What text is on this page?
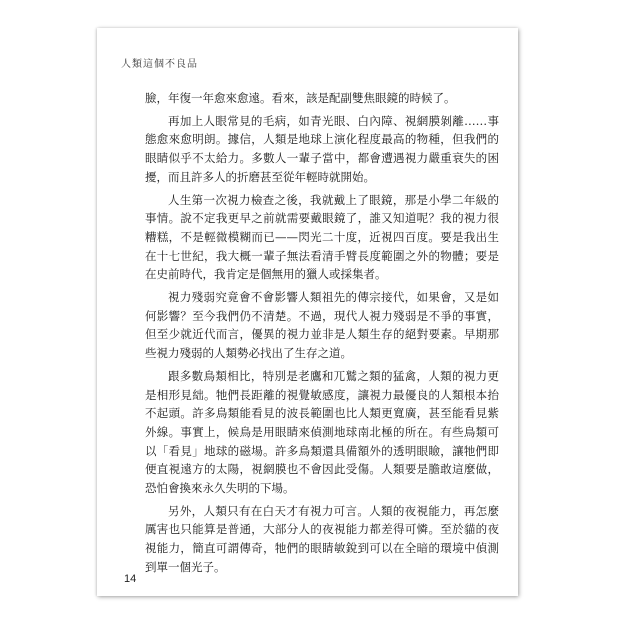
人類這個不良品

臉，年復一年愈來愈遠。看來，該是配副雙焦眼鏡的時候了。

再加上人眼常見的毛病，如青光眼、白內障、視網膜剝離……事態愈來愈明朗。據信，人類是地球上演化程度最高的物種，但我們的眼睛似乎不太給力。多數人一輩子當中，都會遭遇視力嚴重衰失的困擾，而且許多人的折磨甚至從年輕時就開始。

人生第一次視力檢查之後，我就戴上了眼鏡，那是小學二年級的事情。說不定我更早之前就需要戴眼鏡了，誰又知道呢？我的視力很糟糕，不是輕微模糊而已——閃光二十度，近視四百度。要是我出生在十七世紀，我大概一輩子無法看清手臂長度範圍之外的物體；要是在史前時代，我肯定是個無用的獵人或採集者。

視力殘弱究竟會不會影響人類祖先的傳宗接代，如果會，又是如何影響？至今我們仍不清楚。不過，現代人視力殘弱是不爭的事實，但至少就近代而言，優異的視力並非是人類生存的絕對要素。早期那些視力殘弱的人類勢必找出了生存之道。

跟多數鳥類相比，特別是老鷹和兀鷲之類的猛禽，人類的視力更是相形見絀。牠們長距離的視覺敏感度，讓視力最優良的人類根本抬不起頭。許多鳥類能看見的波長範圍也比人類更寬廣，甚至能看見紫外線。事實上，候鳥是用眼睛來偵測地球南北極的所在。有些鳥類可以「看見」地球的磁場。許多鳥類還具備額外的透明眼瞼，讓牠們即便直視遠方的太陽，視網膜也不會因此受傷。人類要是膽敢這麼做，恐怕會換來永久失明的下場。

另外，人類只有在白天才有視力可言。人類的夜視能力，再怎麼厲害也只能算是普通，大部分人的夜視能力都差得可憐。至於貓的夜視能力，簡直可謂傳奇，牠們的眼睛敏銳到可以在全暗的環境中偵測到單一個光子。

14
